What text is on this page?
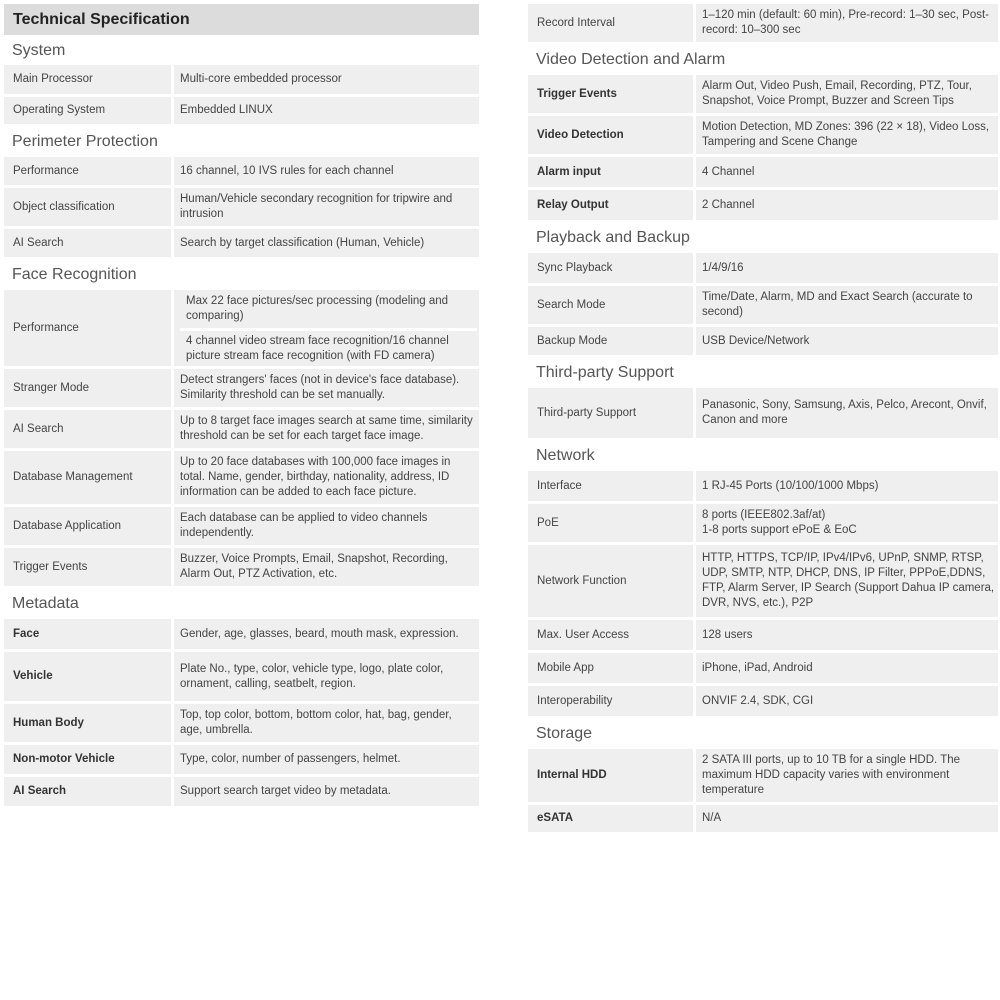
Technical Specification
System
Main Processor	Multi-core embedded processor
Operating System	Embedded LINUX
Perimeter Protection
Performance	16 channel, 10 IVS rules for each channel
Object classification	Human/Vehicle secondary recognition for tripwire and intrusion
AI Search	Search by target classification (Human, Vehicle)
Face Recognition
Performance	Max 22 face pictures/sec processing (modeling and comparing)
4 channel video stream face recognition/16 channel picture stream face recognition (with FD camera)

Stranger Mode	Detect strangers' faces (not in device's face database). Similarity threshold can be set manually.
AI Search	Up to 8 target face images search at same time, similarity threshold can be set for each target face image.
Database Management	Up to 20 face databases with 100,000 face images in total. Name, gender, birthday, nationality, address, ID information can be added to each face picture.
Database Application	Each database can be applied to video channels independently.
Trigger Events	Buzzer, Voice Prompts, Email, Snapshot, Recording, Alarm Out, PTZ Activation, etc.
Metadata
Face	Gender, age, glasses, beard, mouth mask, expression.
Vehicle	Plate No., type, color, vehicle type, logo, plate color, ornament, calling, seatbelt, region.
Human Body	Top, top color, bottom, bottom color, hat, bag, gender, age, umbrella.
Non-motor Vehicle	Type, color, number of passengers, helmet.
AI Search	Support search target video by metadata.
Record Interval	1–120 min (default: 60 min), Pre-record: 1–30 sec, Post-record: 10–300 sec
Video Detection and Alarm
Trigger Events	Alarm Out, Video Push, Email, Recording, PTZ, Tour, Snapshot, Voice Prompt, Buzzer and Screen Tips
Video Detection	Motion Detection, MD Zones: 396 (22 × 18), Video Loss, Tampering and Scene Change
Alarm input	4 Channel
Relay Output	2 Channel
Playback and Backup
Sync Playback	1/4/9/16
Search Mode	Time/Date, Alarm, MD and Exact Search (accurate to second)
Backup Mode	USB Device/Network
Third-party Support
Third-party Support	Panasonic, Sony, Samsung, Axis, Pelco, Arecont, Onvif, Canon and more
Network
Interface	1 RJ-45 Ports (10/100/1000 Mbps)
PoE	8 ports (IEEE802.3af/at)
1-8 ports support ePoE & EoC
Network Function	HTTP, HTTPS, TCP/IP, IPv4/IPv6, UPnP, SNMP, RTSP, UDP, SMTP, NTP, DHCP, DNS, IP Filter, PPPoE,DDNS, FTP, Alarm Server, IP Search (Support Dahua IP camera, DVR, NVS, etc.), P2P
Max. User Access	128 users
Mobile App	iPhone, iPad, Android
Interoperability	ONVIF 2.4, SDK, CGI
Storage
Internal HDD	2 SATA III ports, up to 10 TB for a single HDD. The maximum HDD capacity varies with environment temperature
eSATA	N/A
